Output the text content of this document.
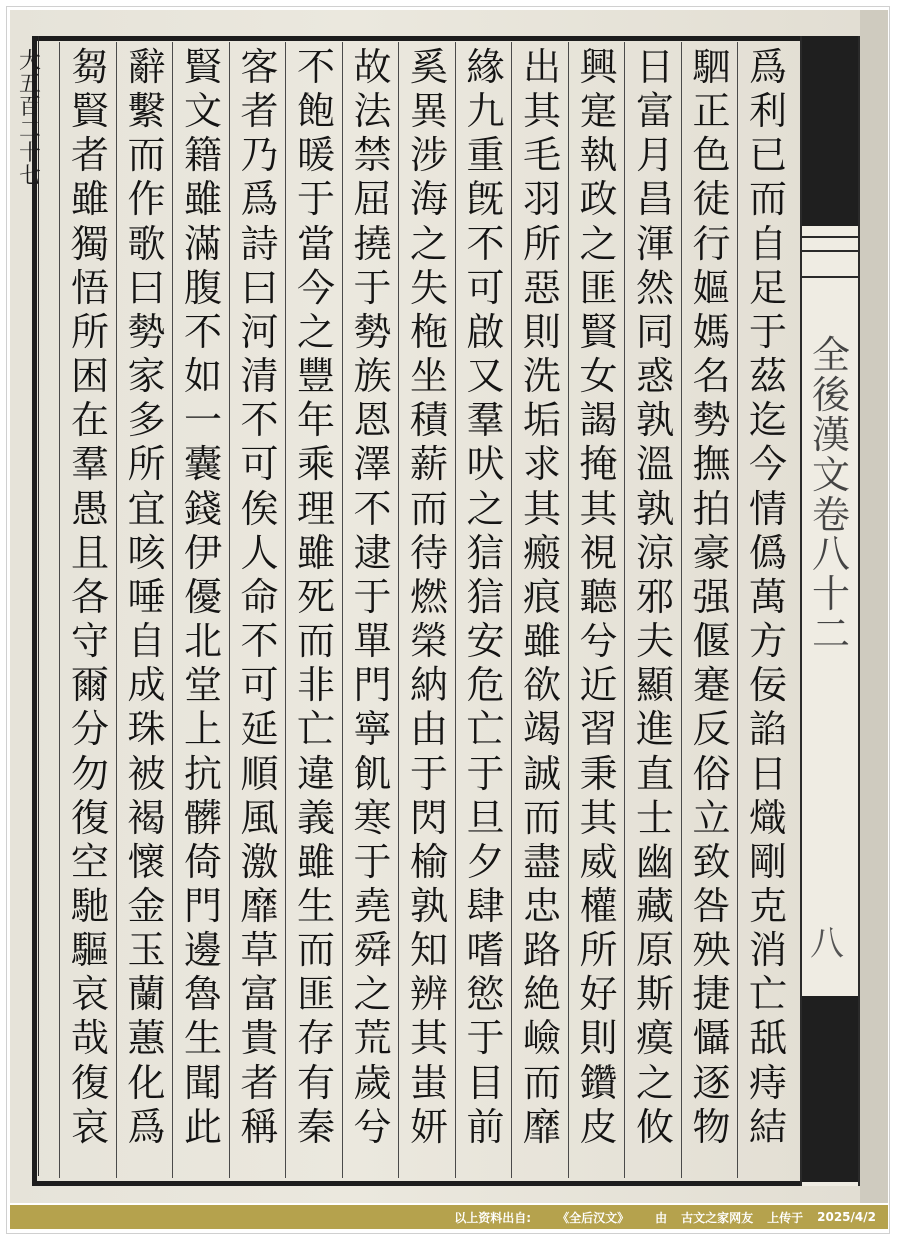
大
五
百
二
十
七
爲
利
已
而
自
足
于
茲
迄
今
情
僞
萬
方
佞
諂
日
熾
剛
克
消
亡
舐
痔
結
駟
正
色
徒
行
嫗
媽
名
勢
撫
拍
豪
强
偃
蹇
反
俗
立
致
咎
殃
捷
懾
逐
物
日
富
月
昌
渾
然
同
惑
孰
溫
孰
涼
邪
夫
顯
進
直
士
幽
藏
原
斯
瘼
之
攸
興
寔
執
政
之
匪
賢
女
謁
掩
其
視
聽
兮
近
習
秉
其
威
權
所
好
則
鑽
皮
出
其
毛
羽
所
惡
則
洗
垢
求
其
瘢
痕
雖
欲
竭
誠
而
盡
忠
路
絶
嶮
而
靡
緣
九
重
旣
不
可
啟
又
羣
吠
之
狺
狺
安
危
亡
于
旦
夕
肆
嗜
慾
于
目
前
奚
異
涉
海
之
失
柂
坐
積
薪
而
待
燃
榮
納
由
于
閃
榆
孰
知
辨
其
蚩
妍
故
法
禁
屈
撓
于
勢
族
恩
澤
不
逮
于
單
門
寧
飢
寒
于
堯
舜
之
荒
歲
兮
不
飽
暖
于
當
今
之
豐
年
乘
理
雖
死
而
非
亡
違
義
雖
生
而
匪
存
有
秦
客
者
乃
爲
詩
曰
河
清
不
可
俟
人
命
不
可
延
順
風
激
靡
草
富
貴
者
稱
賢
文
籍
雖
滿
腹
不
如
一
囊
錢
伊
優
北
堂
上
抗
髒
倚
門
邊
魯
生
聞
此
辭
繫
而
作
歌
曰
勢
家
多
所
宜
咳
唾
自
成
珠
被
褐
懷
金
玉
蘭
蕙
化
爲
芻
賢
者
雖
獨
悟
所
困
在
羣
愚
且
各
守
爾
分
勿
復
空
馳
驅
哀
哉
復
哀
全
後
漢
文
卷
八
十
二
八
以上资料出自: 《全后汉文》 由 古文之家网友 上传于 2025/4/2
